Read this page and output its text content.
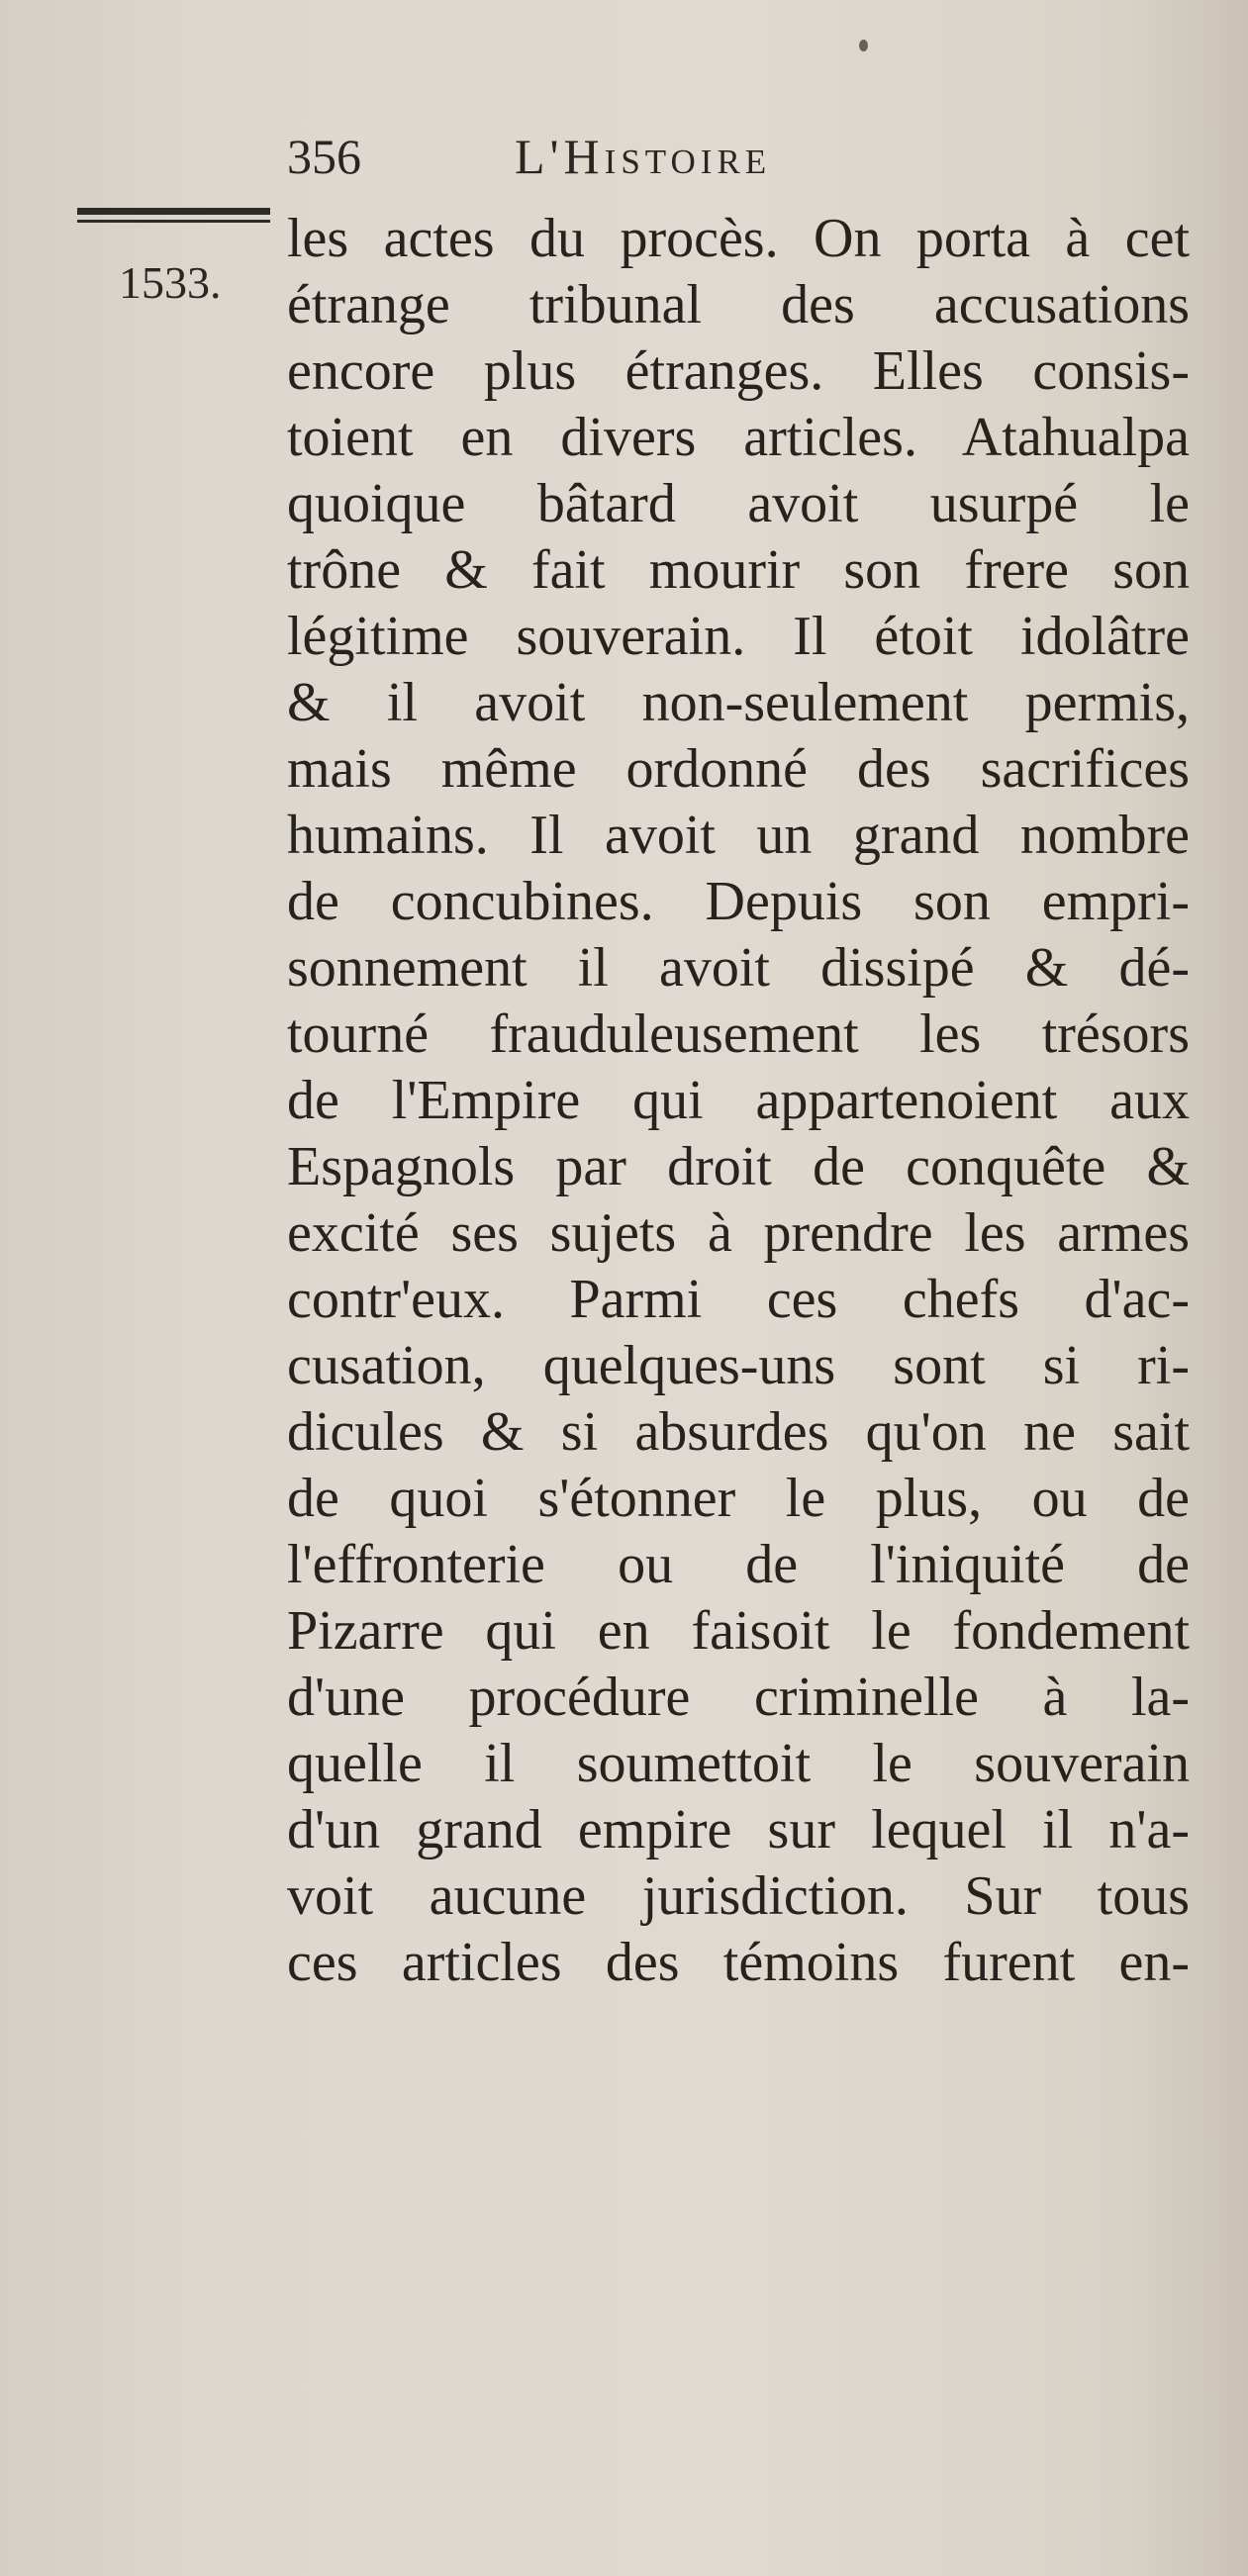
356	L'Histoire
1533.
les actes du procès. On porta à cet
étrange tribunal des accusations
encore plus étranges. Elles consis-
toient en divers articles. Atahualpa
quoique bâtard avoit usurpé le
trône & fait mourir son frere son
légitime souverain. Il étoit idolâtre
& il avoit non-seulement permis,
mais même ordonné des sacrifices
humains. Il avoit un grand nombre
de concubines. Depuis son empri-
sonnement il avoit dissipé & dé-
tourné frauduleusement les trésors
de l'Empire qui appartenoient aux
Espagnols par droit de conquête &
excité ses sujets à prendre les armes
contr'eux. Parmi ces chefs d'ac-
cusation, quelques-uns sont si ri-
dicules & si absurdes qu'on ne sait
de quoi s'étonner le plus, ou de
l'effronterie ou de l'iniquité de
Pizarre qui en faisoit le fondement
d'une procédure criminelle à la-
quelle il soumettoit le souverain
d'un grand empire sur lequel il n'a-
voit aucune jurisdiction. Sur tous
ces articles des témoins furent en-
